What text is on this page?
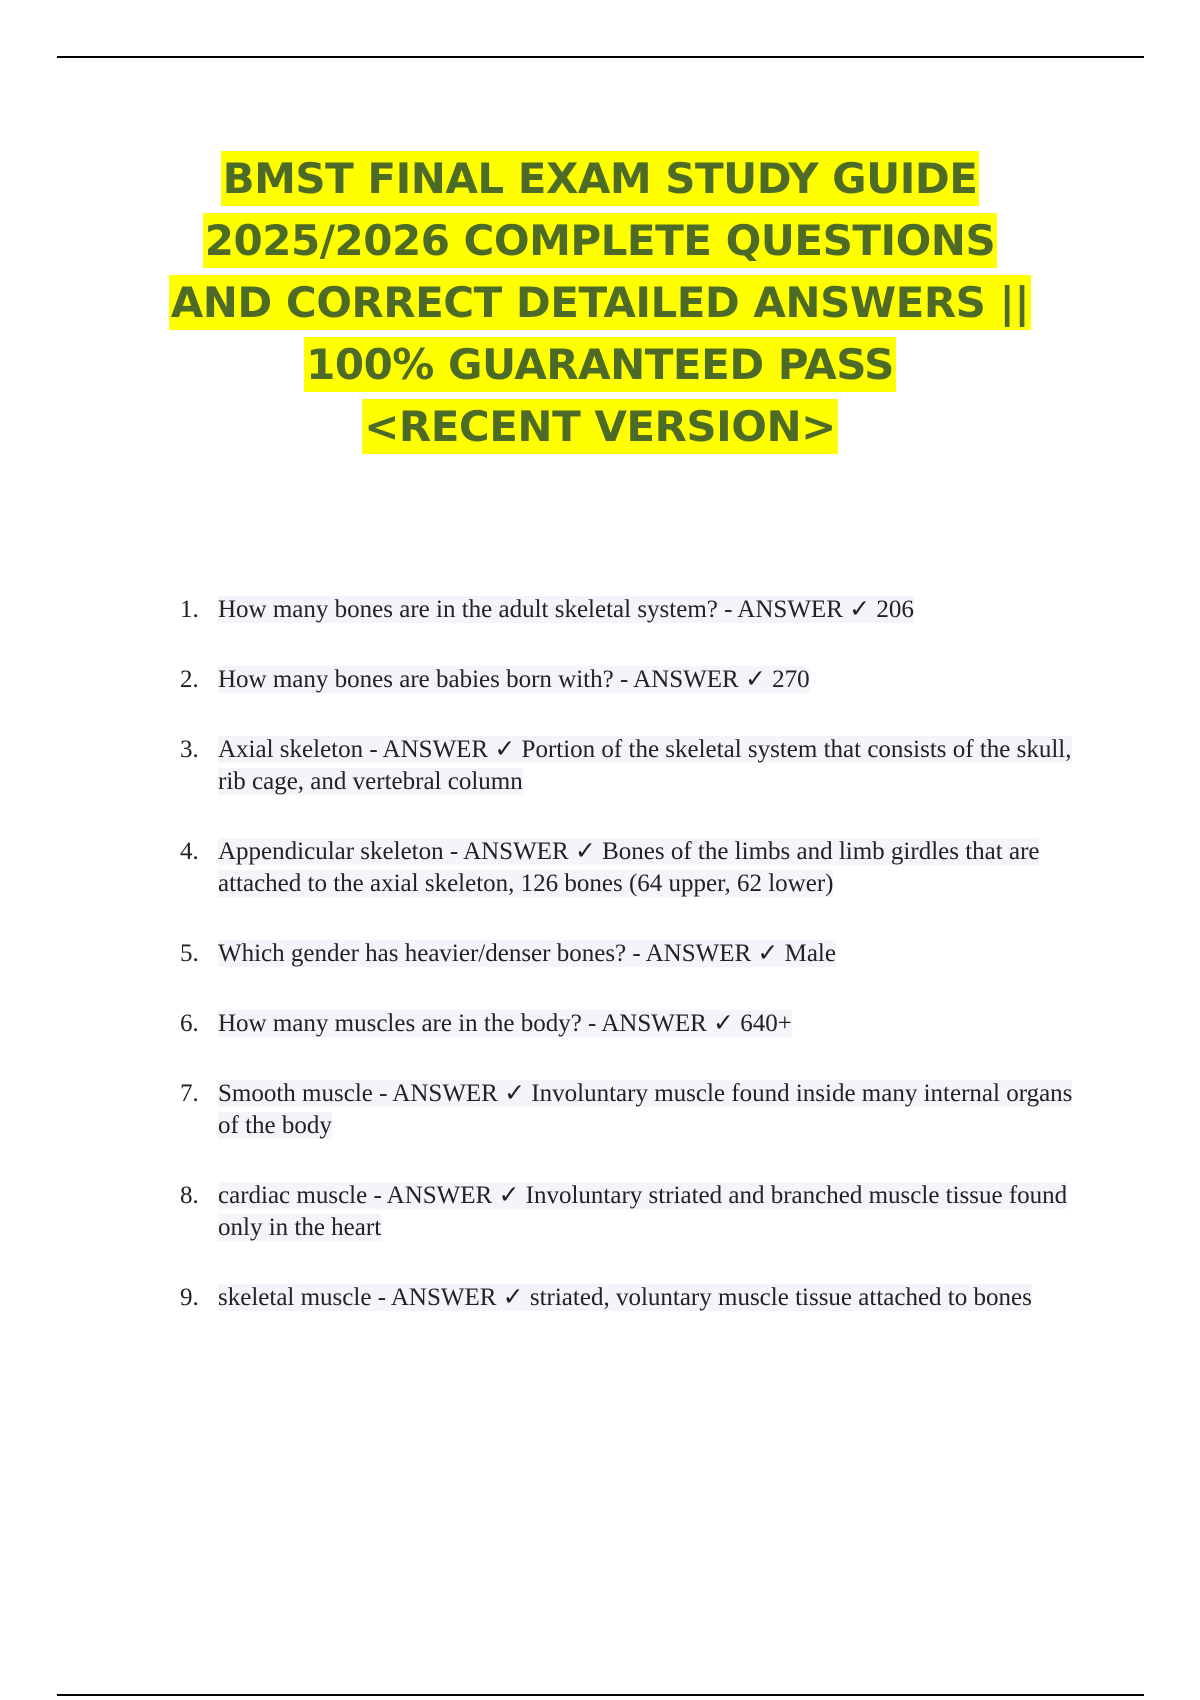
BMST FINAL EXAM STUDY GUIDE
2025/2026 COMPLETE QUESTIONS
AND CORRECT DETAILED ANSWERS ||
100% GUARANTEED PASS
<RECENT VERSION>
1. How many bones are in the adult skeletal system? - ANSWER ✓ 206
2. How many bones are babies born with? - ANSWER ✓ 270
3. Axial skeleton - ANSWER ✓ Portion of the skeletal system that consists of the skull, rib cage, and vertebral column
4. Appendicular skeleton - ANSWER ✓ Bones of the limbs and limb girdles that are attached to the axial skeleton, 126 bones (64 upper, 62 lower)
5. Which gender has heavier/denser bones? - ANSWER ✓ Male
6. How many muscles are in the body? - ANSWER ✓ 640+
7. Smooth muscle - ANSWER ✓ Involuntary muscle found inside many internal organs of the body
8. cardiac muscle - ANSWER ✓ Involuntary striated and branched muscle tissue found only in the heart
9. skeletal muscle - ANSWER ✓ striated, voluntary muscle tissue attached to bones
